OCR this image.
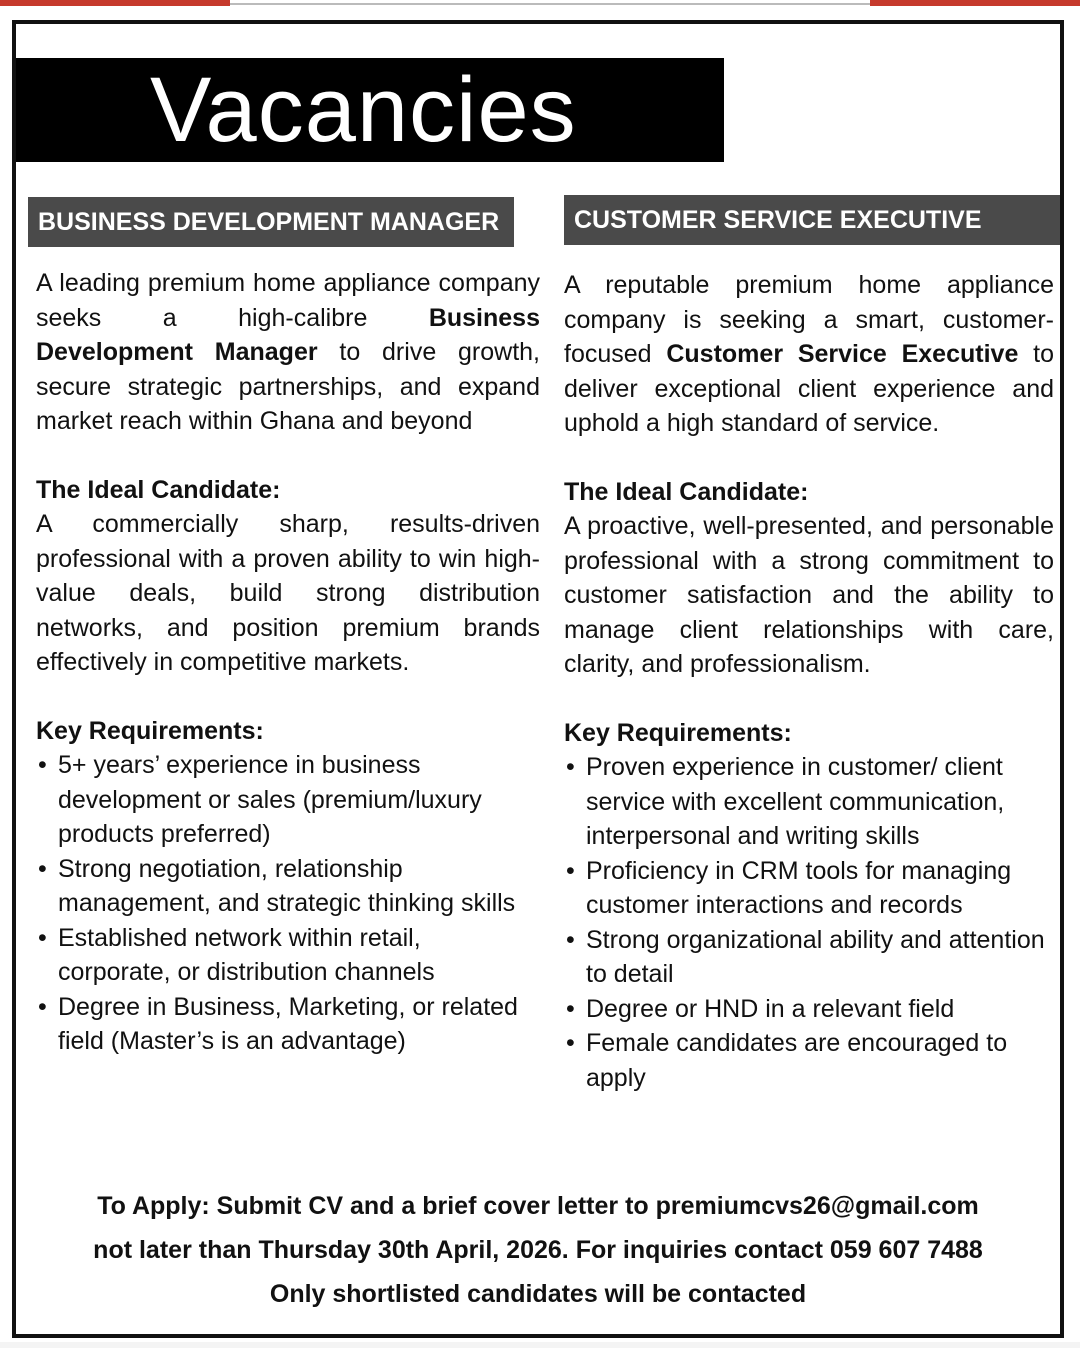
Vacancies
BUSINESS DEVELOPMENT MANAGER

A leading premium home appliance company seeks a high-calibre Business Development Manager to drive growth, secure strategic partnerships, and expand market reach within Ghana and beyond

The Ideal Candidate:

A commercially sharp, results-driven professional with a proven ability to win high-value deals, build strong distribution networks, and position premium brands effectively in competitive markets.

Key Requirements:

• 5+ years’ experience in business development or sales (premium/luxury products preferred)
• Strong negotiation, relationship management, and strategic thinking skills
• Established network within retail, corporate, or distribution channels
• Degree in Business, Marketing, or related field (Master’s is an advantage)
CUSTOMER SERVICE EXECUTIVE

A reputable premium home appliance company is seeking a smart, customer-focused Customer Service Executive to deliver exceptional client experience and uphold a high standard of service.

The Ideal Candidate:

A proactive, well-presented, and personable professional with a strong commitment to customer satisfaction and the ability to manage client relationships with care, clarity, and professionalism.

Key Requirements:

• Proven experience in customer/ client service with excellent communication, interpersonal and writing skills
• Proficiency in CRM tools for managing customer interactions and records
• Strong organizational ability and attention to detail
• Degree or HND in a relevant field
• Female candidates are encouraged to apply
To Apply: Submit CV and a brief cover letter to premiumcvs26@gmail.com
not later than Thursday 30th April, 2026. For inquiries contact 059 607 7488
Only shortlisted candidates will be contacted
